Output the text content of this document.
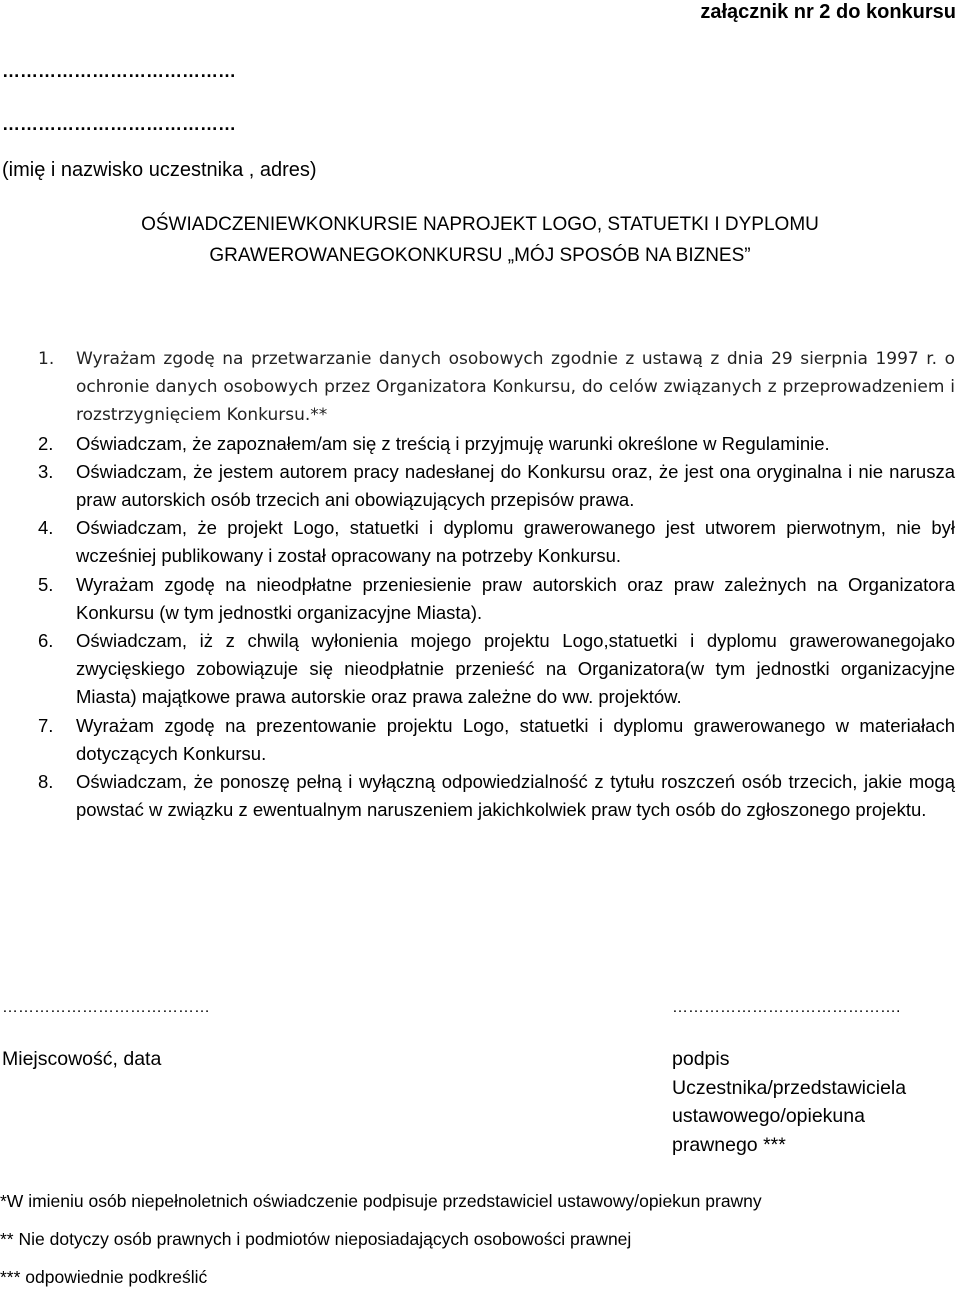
załącznik nr 2 do konkursu

…………………………………

…………………………………

(imię i nazwisko uczestnika , adres)

OŚWIADCZENIEWKONKURSIE NAPROJEKT LOGO, STATUETKI I DYPLOMU

GRAWEROWANEGOKONKURSU „MÓJ SPOSÓB NA BIZNES”

1. Wyrażam zgodę na przetwarzanie danych osobowych zgodnie z ustawą z dnia 29 sierpnia 1997 r. o ochronie danych osobowych przez Organizatora Konkursu, do celów związanych z przeprowadzeniem i rozstrzygnięciem Konkursu.**
2. Oświadczam, że zapoznałem/am się z treścią i przyjmuję warunki określone w Regulaminie.
3. Oświadczam, że jestem autorem pracy nadesłanej do Konkursu oraz, że jest ona oryginalna i nie narusza praw autorskich osób trzecich ani obowiązujących przepisów prawa.
4. Oświadczam, że projekt Logo, statuetki i dyplomu grawerowanego jest utworem pierwotnym, nie był wcześniej publikowany i został opracowany na potrzeby Konkursu.
5. Wyrażam zgodę na nieodpłatne przeniesienie praw autorskich oraz praw zależnych na Organizatora Konkursu (w tym jednostki organizacyjne Miasta).
6. Oświadczam, iż z chwilą wyłonienia mojego projektu Logo,statuetki i dyplomu grawerowanegojako zwycięskiego zobowiązuje się nieodpłatnie przenieść na Organizatora(w tym jednostki organizacyjne Miasta) majątkowe prawa autorskie oraz prawa zależne do ww. projektów.
7. Wyrażam zgodę na prezentowanie projektu Logo, statuetki i dyplomu grawerowanego w materiałach dotyczących Konkursu.
8. Oświadczam, że ponoszę pełną i wyłączną odpowiedzialność z tytułu roszczeń osób trzecich, jakie mogą powstać w związku z ewentualnym naruszeniem jakichkolwiek praw tych osób do zgłoszonego projektu.

…………………………………	…………………………………….

Miejscowość, data	podpis
Uczestnika/przedstawiciela
ustawowego/opiekuna
prawnego ***

*W imieniu osób niepełnoletnich oświadczenie podpisuje przedstawiciel ustawowy/opiekun prawny

** Nie dotyczy osób prawnych i podmiotów nieposiadających osobowości prawnej

*** odpowiednie podkreślić
